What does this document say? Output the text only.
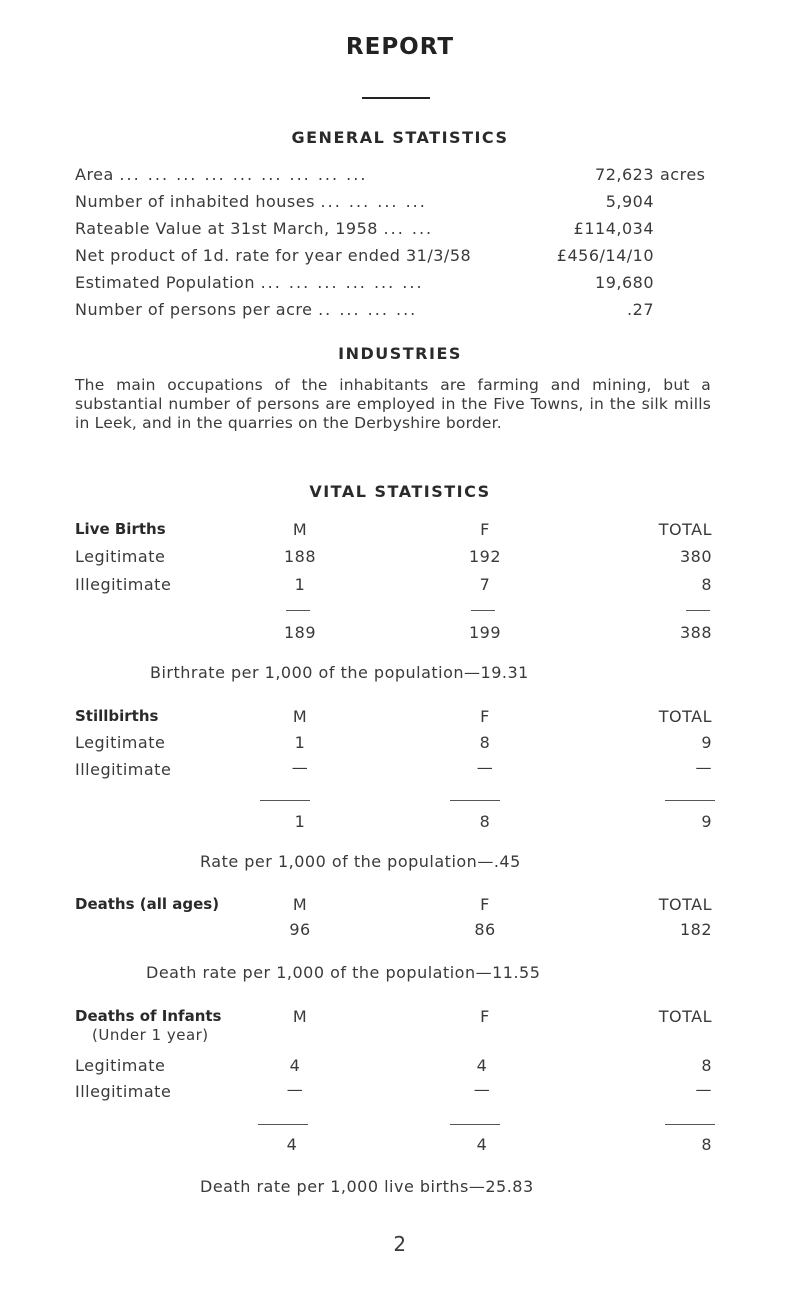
REPORT
GENERAL STATISTICS
Area ... ... ... ... ... ... ... ... ...	72,623 acres
Number of inhabited houses ... ... ... ...	5,904
Rateable Value at 31st March, 1958 ... ...	£114,034
Net product of 1d. rate for year ended 31/3/58	£456/14/10
Estimated Population ... ... ... ... ... ...	19,680
Number of persons per acre .. ... ... ...	.27
INDUSTRIES
The main occupations of the inhabitants are farming and mining, but a substantial number of persons are employed in the Five Towns, in the silk mills in Leek, and in the quarries on the Derbyshire border.
VITAL STATISTICS
Live Births	M	F	TOTAL
Legitimate	188	192	380
Illegitimate	1	7	8
189	199	388
Birthrate per 1,000 of the population—19.31
Stillbirths	M	F	TOTAL
Legitimate	1	8	9
Illegitimate	—	—	—
1	8	9
Rate per 1,000 of the population—.45
Deaths (all ages)	M	F	TOTAL
96	86	182
Death rate per 1,000 of the population—11.55
Deaths of Infants
(Under 1 year)
M	F	TOTAL
Legitimate	4	4	8
Illegitimate	—	—	—
4	4	8
Death rate per 1,000 live births—25.83
2
